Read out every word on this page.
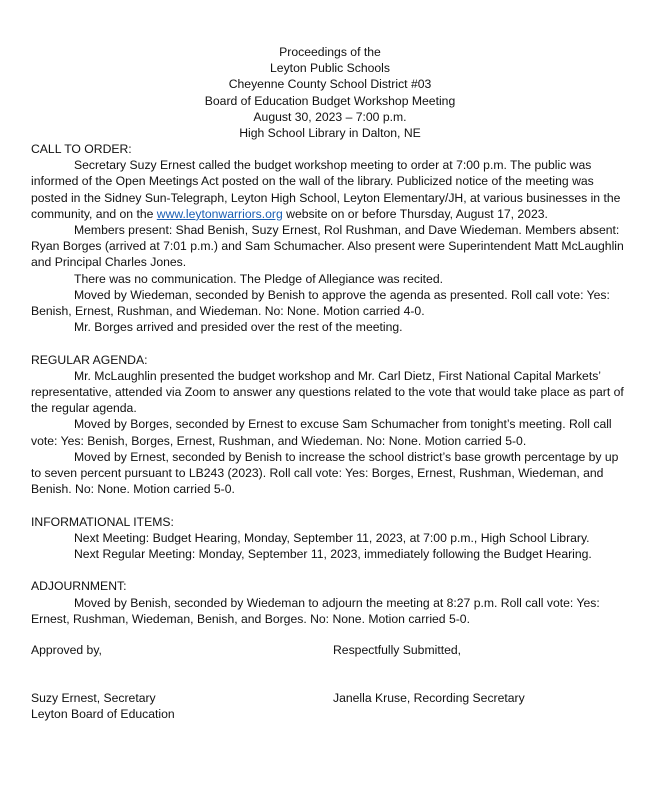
Proceedings of the
Leyton Public Schools
Cheyenne County School District #03
Board of Education Budget Workshop Meeting
August 30, 2023 – 7:00 p.m.
High School Library in Dalton, NE

CALL TO ORDER:

Secretary Suzy Ernest called the budget workshop meeting to order at 7:00 p.m. The public was informed of the Open Meetings Act posted on the wall of the library. Publicized notice of the meeting was posted in the Sidney Sun-Telegraph, Leyton High School, Leyton Elementary/JH, at various businesses in the community, and on the www.leytonwarriors.org website on or before Thursday, August 17, 2023.

Members present: Shad Benish, Suzy Ernest, Rol Rushman, and Dave Wiedeman. Members absent: Ryan Borges (arrived at 7:01 p.m.) and Sam Schumacher. Also present were Superintendent Matt McLaughlin and Principal Charles Jones.

There was no communication. The Pledge of Allegiance was recited.

Moved by Wiedeman, seconded by Benish to approve the agenda as presented. Roll call vote: Yes: Benish, Ernest, Rushman, and Wiedeman. No: None. Motion carried 4-0.

Mr. Borges arrived and presided over the rest of the meeting.

REGULAR AGENDA:

Mr. McLaughlin presented the budget workshop and Mr. Carl Dietz, First National Capital Markets’ representative, attended via Zoom to answer any questions related to the vote that would take place as part of the regular agenda.

Moved by Borges, seconded by Ernest to excuse Sam Schumacher from tonight’s meeting. Roll call vote: Yes: Benish, Borges, Ernest, Rushman, and Wiedeman. No: None. Motion carried 5-0.

Moved by Ernest, seconded by Benish to increase the school district’s base growth percentage by up to seven percent pursuant to LB243 (2023). Roll call vote: Yes: Borges, Ernest, Rushman, Wiedeman, and Benish. No: None. Motion carried 5-0.

INFORMATIONAL ITEMS:

Next Meeting: Budget Hearing, Monday, September 11, 2023, at 7:00 p.m., High School Library.
Next Regular Meeting: Monday, September 11, 2023, immediately following the Budget Hearing.

ADJOURNMENT:

Moved by Benish, seconded by Wiedeman to adjourn the meeting at 8:27 p.m. Roll call vote: Yes: Ernest, Rushman, Wiedeman, Benish, and Borges. No: None. Motion carried 5-0.

Approved by,	Respectfully Submitted,
Suzy Ernest, Secretary
Leyton Board of Education
Janella Kruse, Recording Secretary
